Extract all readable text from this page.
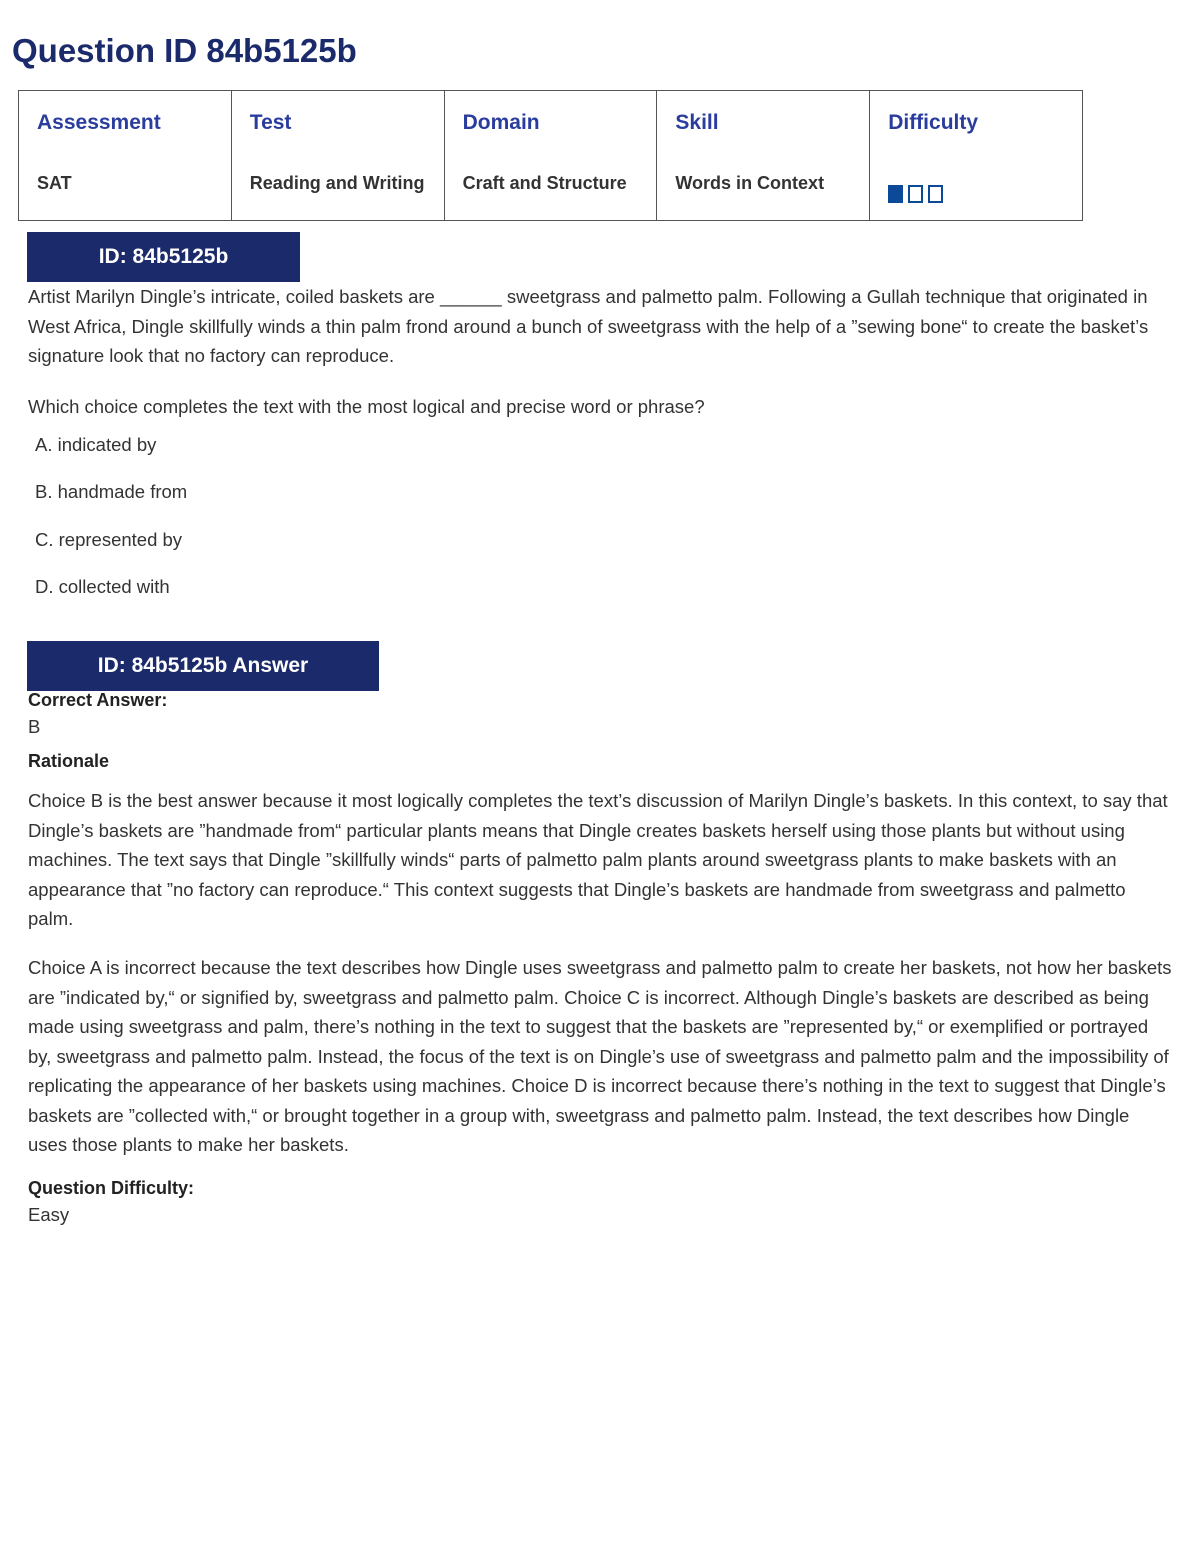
Question ID 84b5125b
Assessment
SAT
Test
Reading and Writing
Domain
Craft and Structure
Skill
Words in Context
Difficulty
ID: 84b5125b

Artist Marilyn Dingle’s intricate, coiled baskets are ______ sweetgrass and palmetto palm. Following a Gullah technique that originated in West Africa, Dingle skillfully winds a thin palm frond around a bunch of sweetgrass with the help of a ”sewing bone“ to create the basket’s signature look that no factory can reproduce.

Which choice completes the text with the most logical and precise word or phrase?

A. indicated by

B. handmade from

C. represented by

D. collected with

ID: 84b5125b Answer

Correct Answer:

B

Rationale

Choice B is the best answer because it most logically completes the text’s discussion of Marilyn Dingle’s baskets. In this context, to say that Dingle’s baskets are ”handmade from“ particular plants means that Dingle creates baskets herself using those plants but without using machines. The text says that Dingle ”skillfully winds“ parts of palmetto palm plants around sweetgrass plants to make baskets with an appearance that ”no factory can reproduce.“ This context suggests that Dingle’s baskets are handmade from sweetgrass and palmetto palm.

Choice A is incorrect because the text describes how Dingle uses sweetgrass and palmetto palm to create her baskets, not how her baskets are ”indicated by,“ or signified by, sweetgrass and palmetto palm. Choice C is incorrect. Although Dingle’s baskets are described as being made using sweetgrass and palm, there’s nothing in the text to suggest that the baskets are ”represented by,“ or exemplified or portrayed by, sweetgrass and palmetto palm. Instead, the focus of the text is on Dingle’s use of sweetgrass and palmetto palm and the impossibility of replicating the appearance of her baskets using machines. Choice D is incorrect because there’s nothing in the text to suggest that Dingle’s baskets are ”collected with,“ or brought together in a group with, sweetgrass and palmetto palm. Instead, the text describes how Dingle uses those plants to make her baskets.

Question Difficulty:

Easy
